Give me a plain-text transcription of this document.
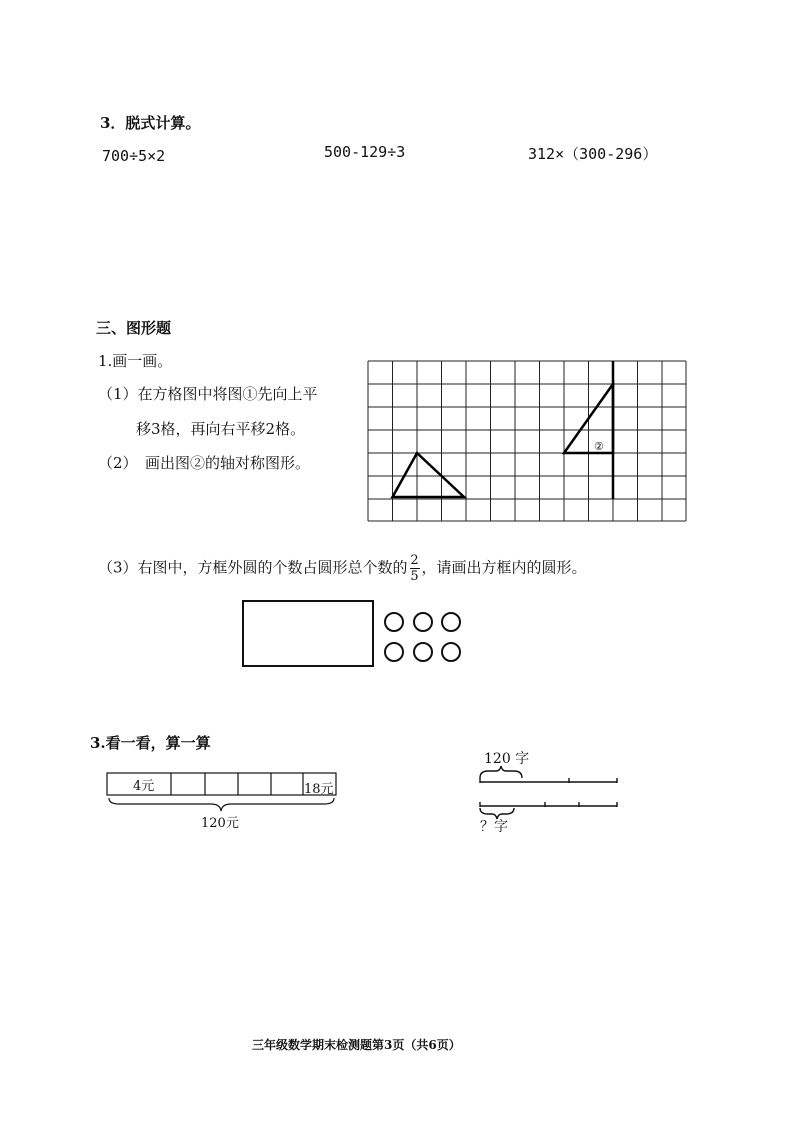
3．脱式计算。
700÷5×2	500-129÷3	312×（300-296）
三、图形题
1.画一画。
（1）在方格图中将图①先向上平
移3格，再向右平移2格。
（2）　画出图②的轴对称图形。
②
（3）右图中，方框外圆的个数占圆形总个数的 $\frac{2}{5}$ ，请画出方框内的圆形。
3.看一看，算一算
4元	18元
120元
120 字
？字
三年级数学期末检测题第3页（共6页）
